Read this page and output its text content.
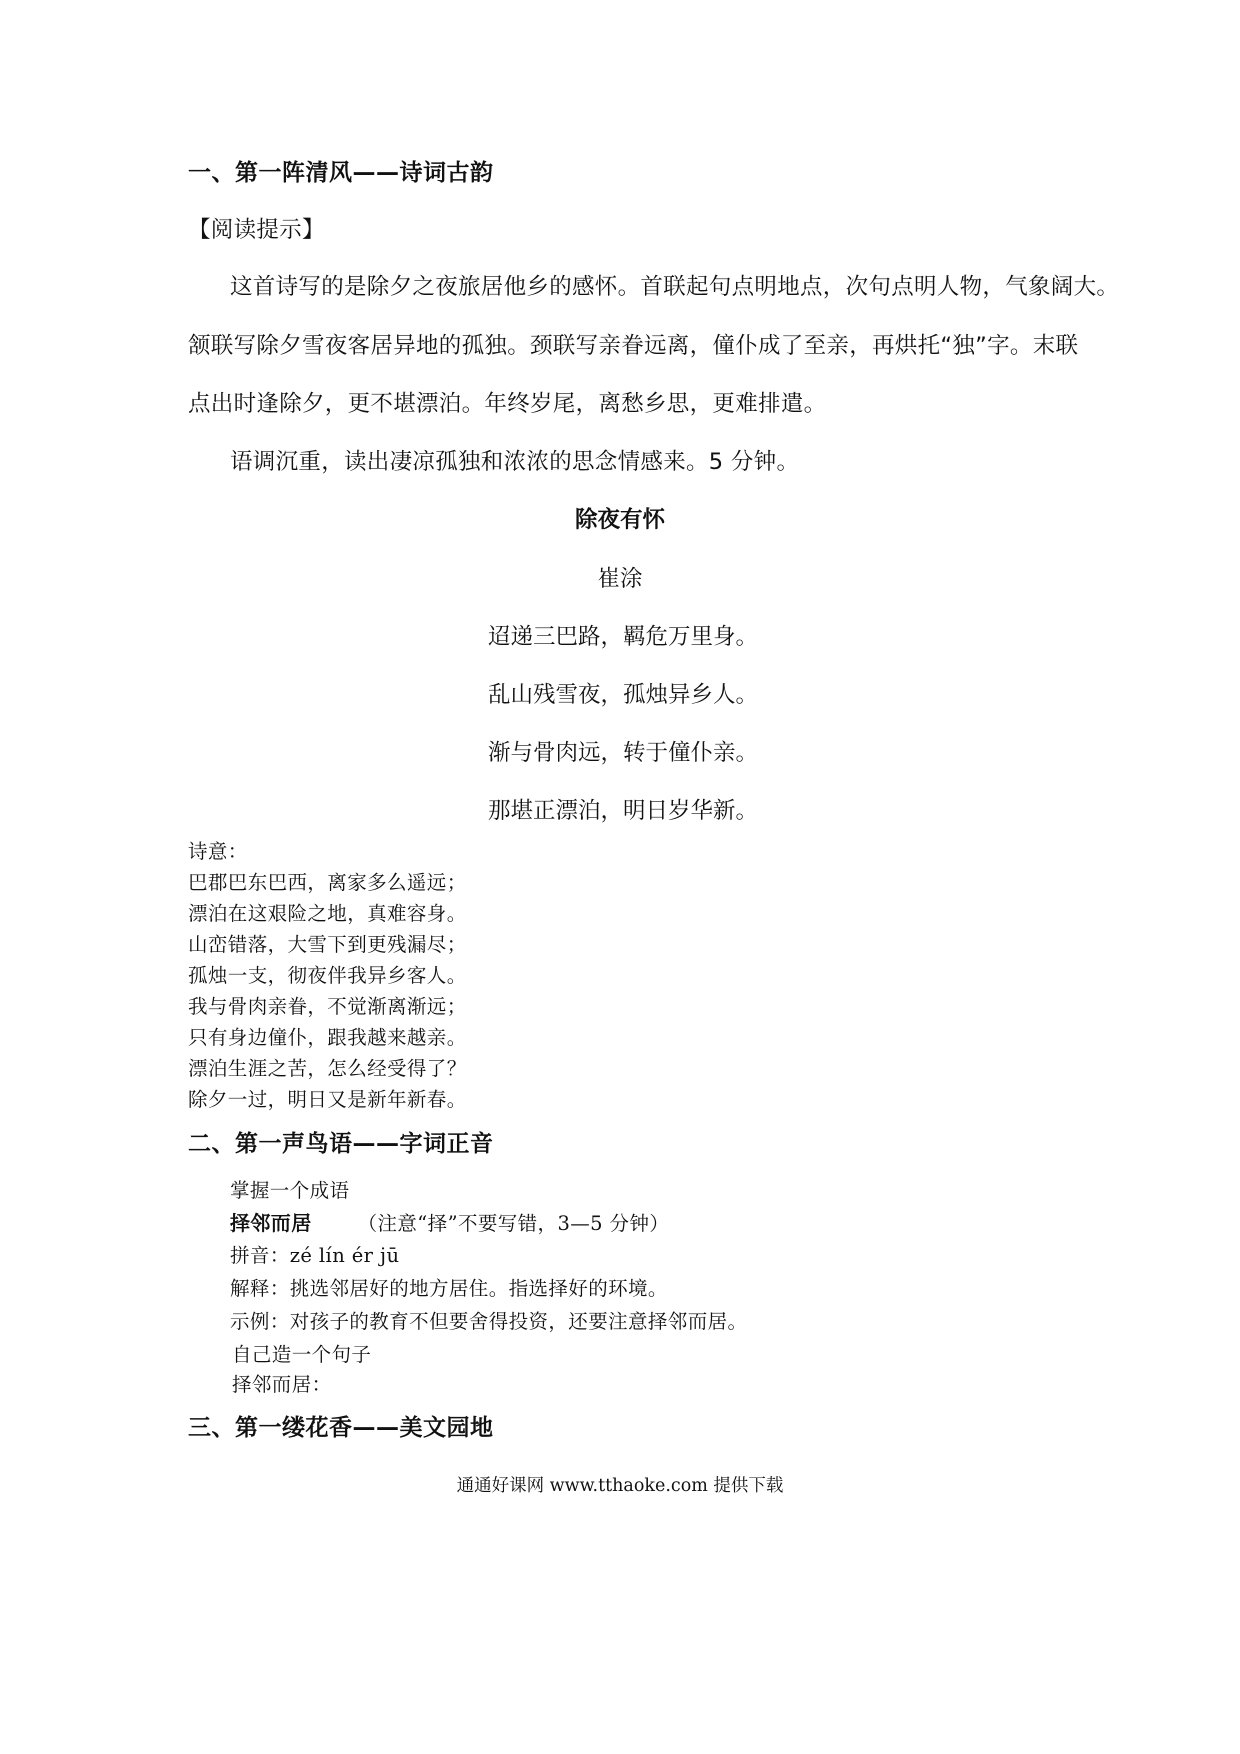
一、第一阵清风——诗词古韵
【阅读提示】
这首诗写的是除夕之夜旅居他乡的感怀。首联起句点明地点，次句点明人物，气象阔大。
颔联写除夕雪夜客居异地的孤独。颈联写亲眷远离，僮仆成了至亲，再烘托“独”字。末联
点出时逢除夕，更不堪漂泊。年终岁尾，离愁乡思，更难排遣。
语调沉重，读出凄凉孤独和浓浓的思念情感来。5 分钟。
除夜有怀
崔涂
迢递三巴路，羁危万里身。
乱山残雪夜，孤烛异乡人。
渐与骨肉远，转于僮仆亲。
那堪正漂泊，明日岁华新。
诗意：
巴郡巴东巴西，离家多么遥远；
漂泊在这艰险之地，真难容身。
山峦错落，大雪下到更残漏尽；
孤烛一支，彻夜伴我异乡客人。
我与骨肉亲眷，不觉渐离渐远；
只有身边僮仆，跟我越来越亲。
漂泊生涯之苦，怎么经受得了？
除夕一过，明日又是新年新春。
二、第一声鸟语——字词正音
掌握一个成语
择邻而居 （注意“择”不要写错，3—5 分钟）
拼音：zé lín ér jū
解释：挑选邻居好的地方居住。指选择好的环境。
示例：对孩子的教育不但要舍得投资，还要注意择邻而居。
自己造一个句子
择邻而居：
三、第一缕花香——美文园地
通通好课网 www.tthaoke.com 提供下载
